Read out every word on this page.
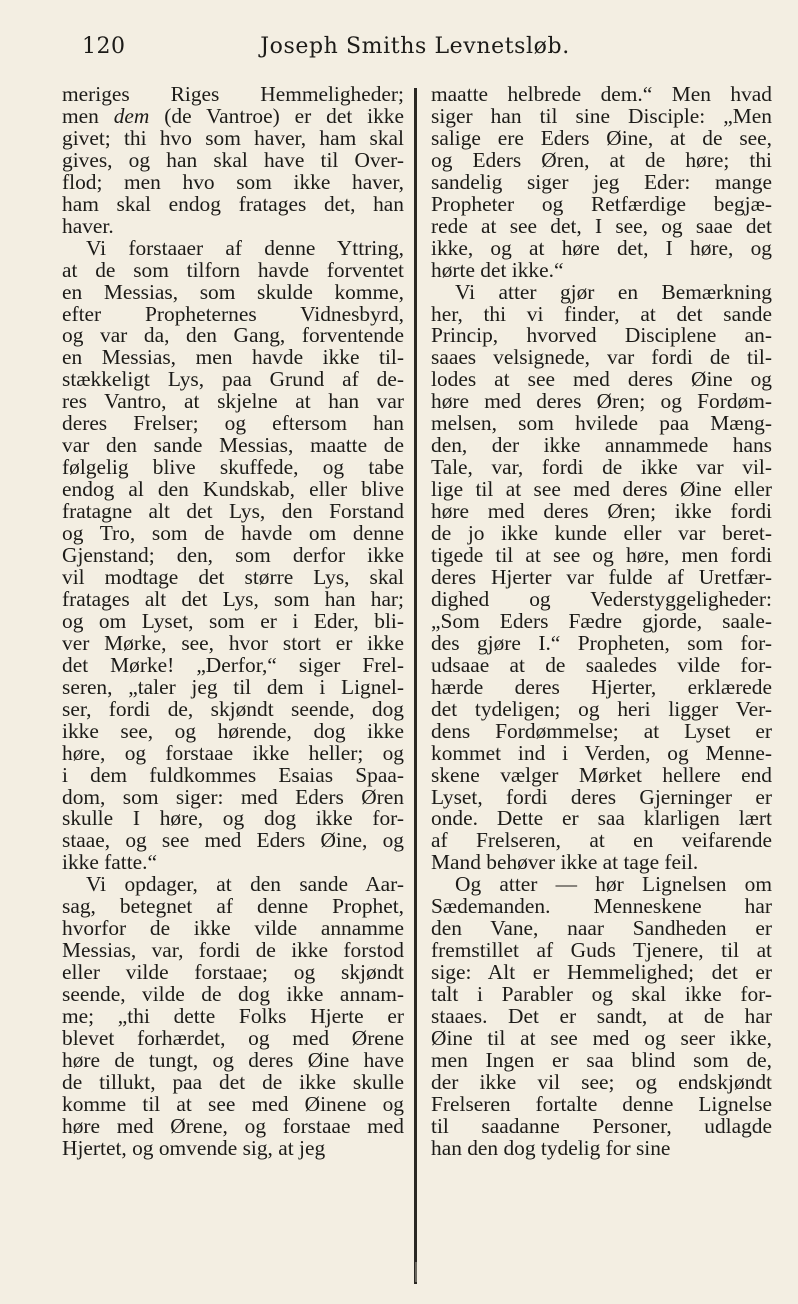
120	Joseph Smiths Levnetsløb.
meriges Riges Hemmeligheder;
men dem (de Vantroe) er det ikke
givet; thi hvo som haver, ham skal
gives, og han skal have til Over-
flod; men hvo som ikke haver,
ham skal endog fratages det, han
haver.
Vi forstaaer af denne Yttring,
at de som tilforn havde forventet
en Messias, som skulde komme,
efter Propheternes Vidnesbyrd,
og var da, den Gang, forventende
en Messias, men havde ikke til-
stækkeligt Lys, paa Grund af de-
res Vantro, at skjelne at han var
deres Frelser; og eftersom han
var den sande Messias, maatte de
følgelig blive skuffede, og tabe
endog al den Kundskab, eller blive
fratagne alt det Lys, den Forstand
og Tro, som de havde om denne
Gjenstand; den, som derfor ikke
vil modtage det større Lys, skal
fratages alt det Lys, som han har;
og om Lyset, som er i Eder, bli-
ver Mørke, see, hvor stort er ikke
det Mørke! „Derfor,“ siger Frel-
seren, „taler jeg til dem i Lignel-
ser, fordi de, skjøndt seende, dog
ikke see, og hørende, dog ikke
høre, og forstaae ikke heller; og
i dem fuldkommes Esaias Spaa-
dom, som siger: med Eders Øren
skulle I høre, og dog ikke for-
staae, og see med Eders Øine, og
ikke fatte.“
Vi opdager, at den sande Aar-
sag, betegnet af denne Prophet,
hvorfor de ikke vilde annamme
Messias, var, fordi de ikke forstod
eller vilde forstaae; og skjøndt
seende, vilde de dog ikke annam-
me; „thi dette Folks Hjerte er
blevet forhærdet, og med Ørene
høre de tungt, og deres Øine have
de tillukt, paa det de ikke skulle
komme til at see med Øinene og
høre med Ørene, og forstaae med
Hjertet, og omvende sig, at jeg
maatte helbrede dem.“ Men hvad
siger han til sine Disciple: „Men
salige ere Eders Øine, at de see,
og Eders Øren, at de høre; thi
sandelig siger jeg Eder: mange
Propheter og Retfærdige begjæ-
rede at see det, I see, og saae det
ikke, og at høre det, I høre, og
hørte det ikke.“
Vi atter gjør en Bemærkning
her, thi vi finder, at det sande
Princip, hvorved Disciplene an-
saaes velsignede, var fordi de til-
lodes at see med deres Øine og
høre med deres Øren; og Fordøm-
melsen, som hvilede paa Mæng-
den, der ikke annammede hans
Tale, var, fordi de ikke var vil-
lige til at see med deres Øine eller
høre med deres Øren; ikke fordi
de jo ikke kunde eller var beret-
tigede til at see og høre, men fordi
deres Hjerter var fulde af Uretfær-
dighed og Vederstyggeligheder:
„Som Eders Fædre gjorde, saale-
des gjøre I.“ Propheten, som for-
udsaae at de saaledes vilde for-
hærde deres Hjerter, erklærede
det tydeligen; og heri ligger Ver-
dens Fordømmelse; at Lyset er
kommet ind i Verden, og Menne-
skene vælger Mørket hellere end
Lyset, fordi deres Gjerninger er
onde. Dette er saa klarligen lært
af Frelseren, at en veifarende
Mand behøver ikke at tage feil.
Og atter — hør Lignelsen om
Sædemanden. Menneskene har
den Vane, naar Sandheden er
fremstillet af Guds Tjenere, til at
sige: Alt er Hemmelighed; det er
talt i Parabler og skal ikke for-
staaes. Det er sandt, at de har
Øine til at see med og seer ikke,
men Ingen er saa blind som de,
der ikke vil see; og endskjøndt
Frelseren fortalte denne Lignelse
til saadanne Personer, udlagde
han den dog tydelig for sine
